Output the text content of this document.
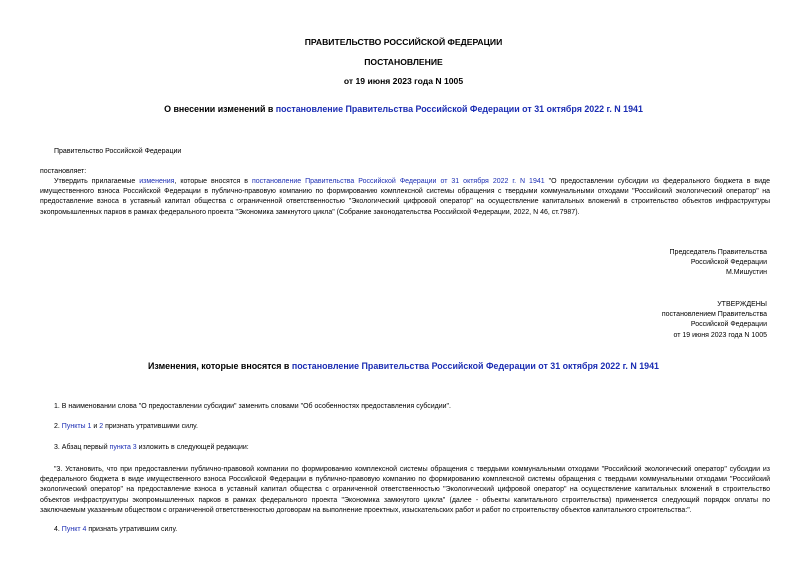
ПРАВИТЕЛЬСТВО РОССИЙСКОЙ ФЕДЕРАЦИИ
ПОСТАНОВЛЕНИЕ
от 19 июня 2023 года N 1005
О внесении изменений в постановление Правительства Российской Федерации от 31 октября 2022 г. N 1941
Правительство Российской Федерации
постановляет:
Утвердить прилагаемые изменения, которые вносятся в постановление Правительства Российской Федерации от 31 октября 2022 г. N 1941 "О предоставлении субсидии из федерального бюджета в виде имущественного взноса Российской Федерации в публично-правовую компанию по формированию комплексной системы обращения с твердыми коммунальными отходами "Российский экологический оператор" на предоставление взноса в уставный капитал общества с ограниченной ответственностью "Экологический цифровой оператор" на осуществление капитальных вложений в строительство объектов инфраструктуры экопромышленных парков в рамках федерального проекта "Экономика замкнутого цикла" (Собрание законодательства Российской Федерации, 2022, N 46, ст.7987).
Председатель Правительства
Российской Федерации
М.Мишустин
УТВЕРЖДЕНЫ
постановлением Правительства
Российской Федерации
от 19 июня 2023 года N 1005
Изменения, которые вносятся в постановление Правительства Российской Федерации от 31 октября 2022 г. N 1941
1. В наименовании слова "О предоставлении субсидии" заменить словами "Об особенностях предоставления субсидии".
2. Пункты 1 и 2 признать утратившими силу.
3. Абзац первый пункта 3 изложить в следующей редакции:
"3. Установить, что при предоставлении публично-правовой компании по формированию комплексной системы обращения с твердыми коммунальными отходами "Российский экологический оператор" субсидии из федерального бюджета в виде имущественного взноса Российской Федерации в публично-правовую компанию по формированию комплексной системы обращения с твердыми коммунальными отходами "Российский экологический оператор" на предоставление взноса в уставный капитал общества с ограниченной ответственностью "Экологический цифровой оператор" на осуществление капитальных вложений в строительство объектов инфраструктуры экопромышленных парков в рамках федерального проекта "Экономика замкнутого цикла" (далее - объекты капитального строительства) применяется следующий порядок оплаты по заключаемым указанным обществом с ограниченной ответственностью договорам на выполнение проектных, изыскательских работ и работ по строительству объектов капитального строительства:".
4. Пункт 4 признать утратившим силу.
